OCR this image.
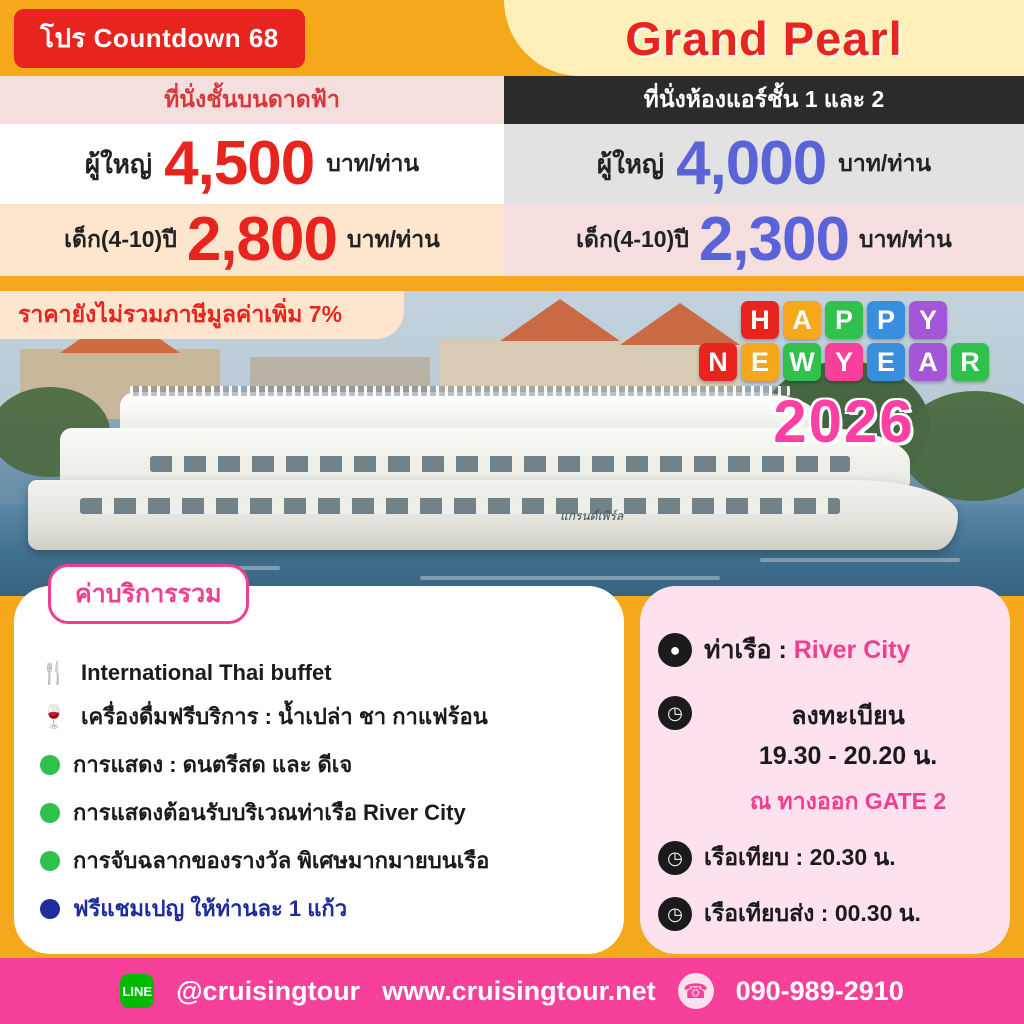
โปร Countdown 68	Grand Pearl
ที่นั่งชั้นบนดาดฟ้า	ที่นั่งห้องแอร์ชั้น 1 และ 2
ผู้ใหญ่ 4,500 บาท/ท่าน	ผู้ใหญ่ 4,000 บาท/ท่าน
เด็ก(4-10)ปี 2,800 บาท/ท่าน	เด็ก(4-10)ปี 2,300 บาท/ท่าน
ราคายังไม่รวมภาษีมูลค่าเพิ่ม 7%
แกรนด์เพิร์ล
H A P P Y
N E W Y E A R
2026
ค่าบริการรวม
🍴 International Thai buffet
🍷 เครื่องดื่มฟรีบริการ : น้ำเปล่า ชา กาแฟร้อน
การแสดง : ดนตรีสด และ ดีเจ
การแสดงต้อนรับบริเวณท่าเรือ River City
การจับฉลากของรางวัล พิเศษมากมายบนเรือ
ฟรีแชมเปญ ให้ท่านละ 1 แก้ว
● ท่าเรือ : River City
◷	ลงทะเบียน
19.30 - 20.20 น.
ณ ทางออก GATE 2
◷ เรือเทียบ : 20.30 น.
◷ เรือเทียบส่ง : 00.30 น.
LINE @cruisingtour www.cruisingtour.net ☎ 090-989-2910
